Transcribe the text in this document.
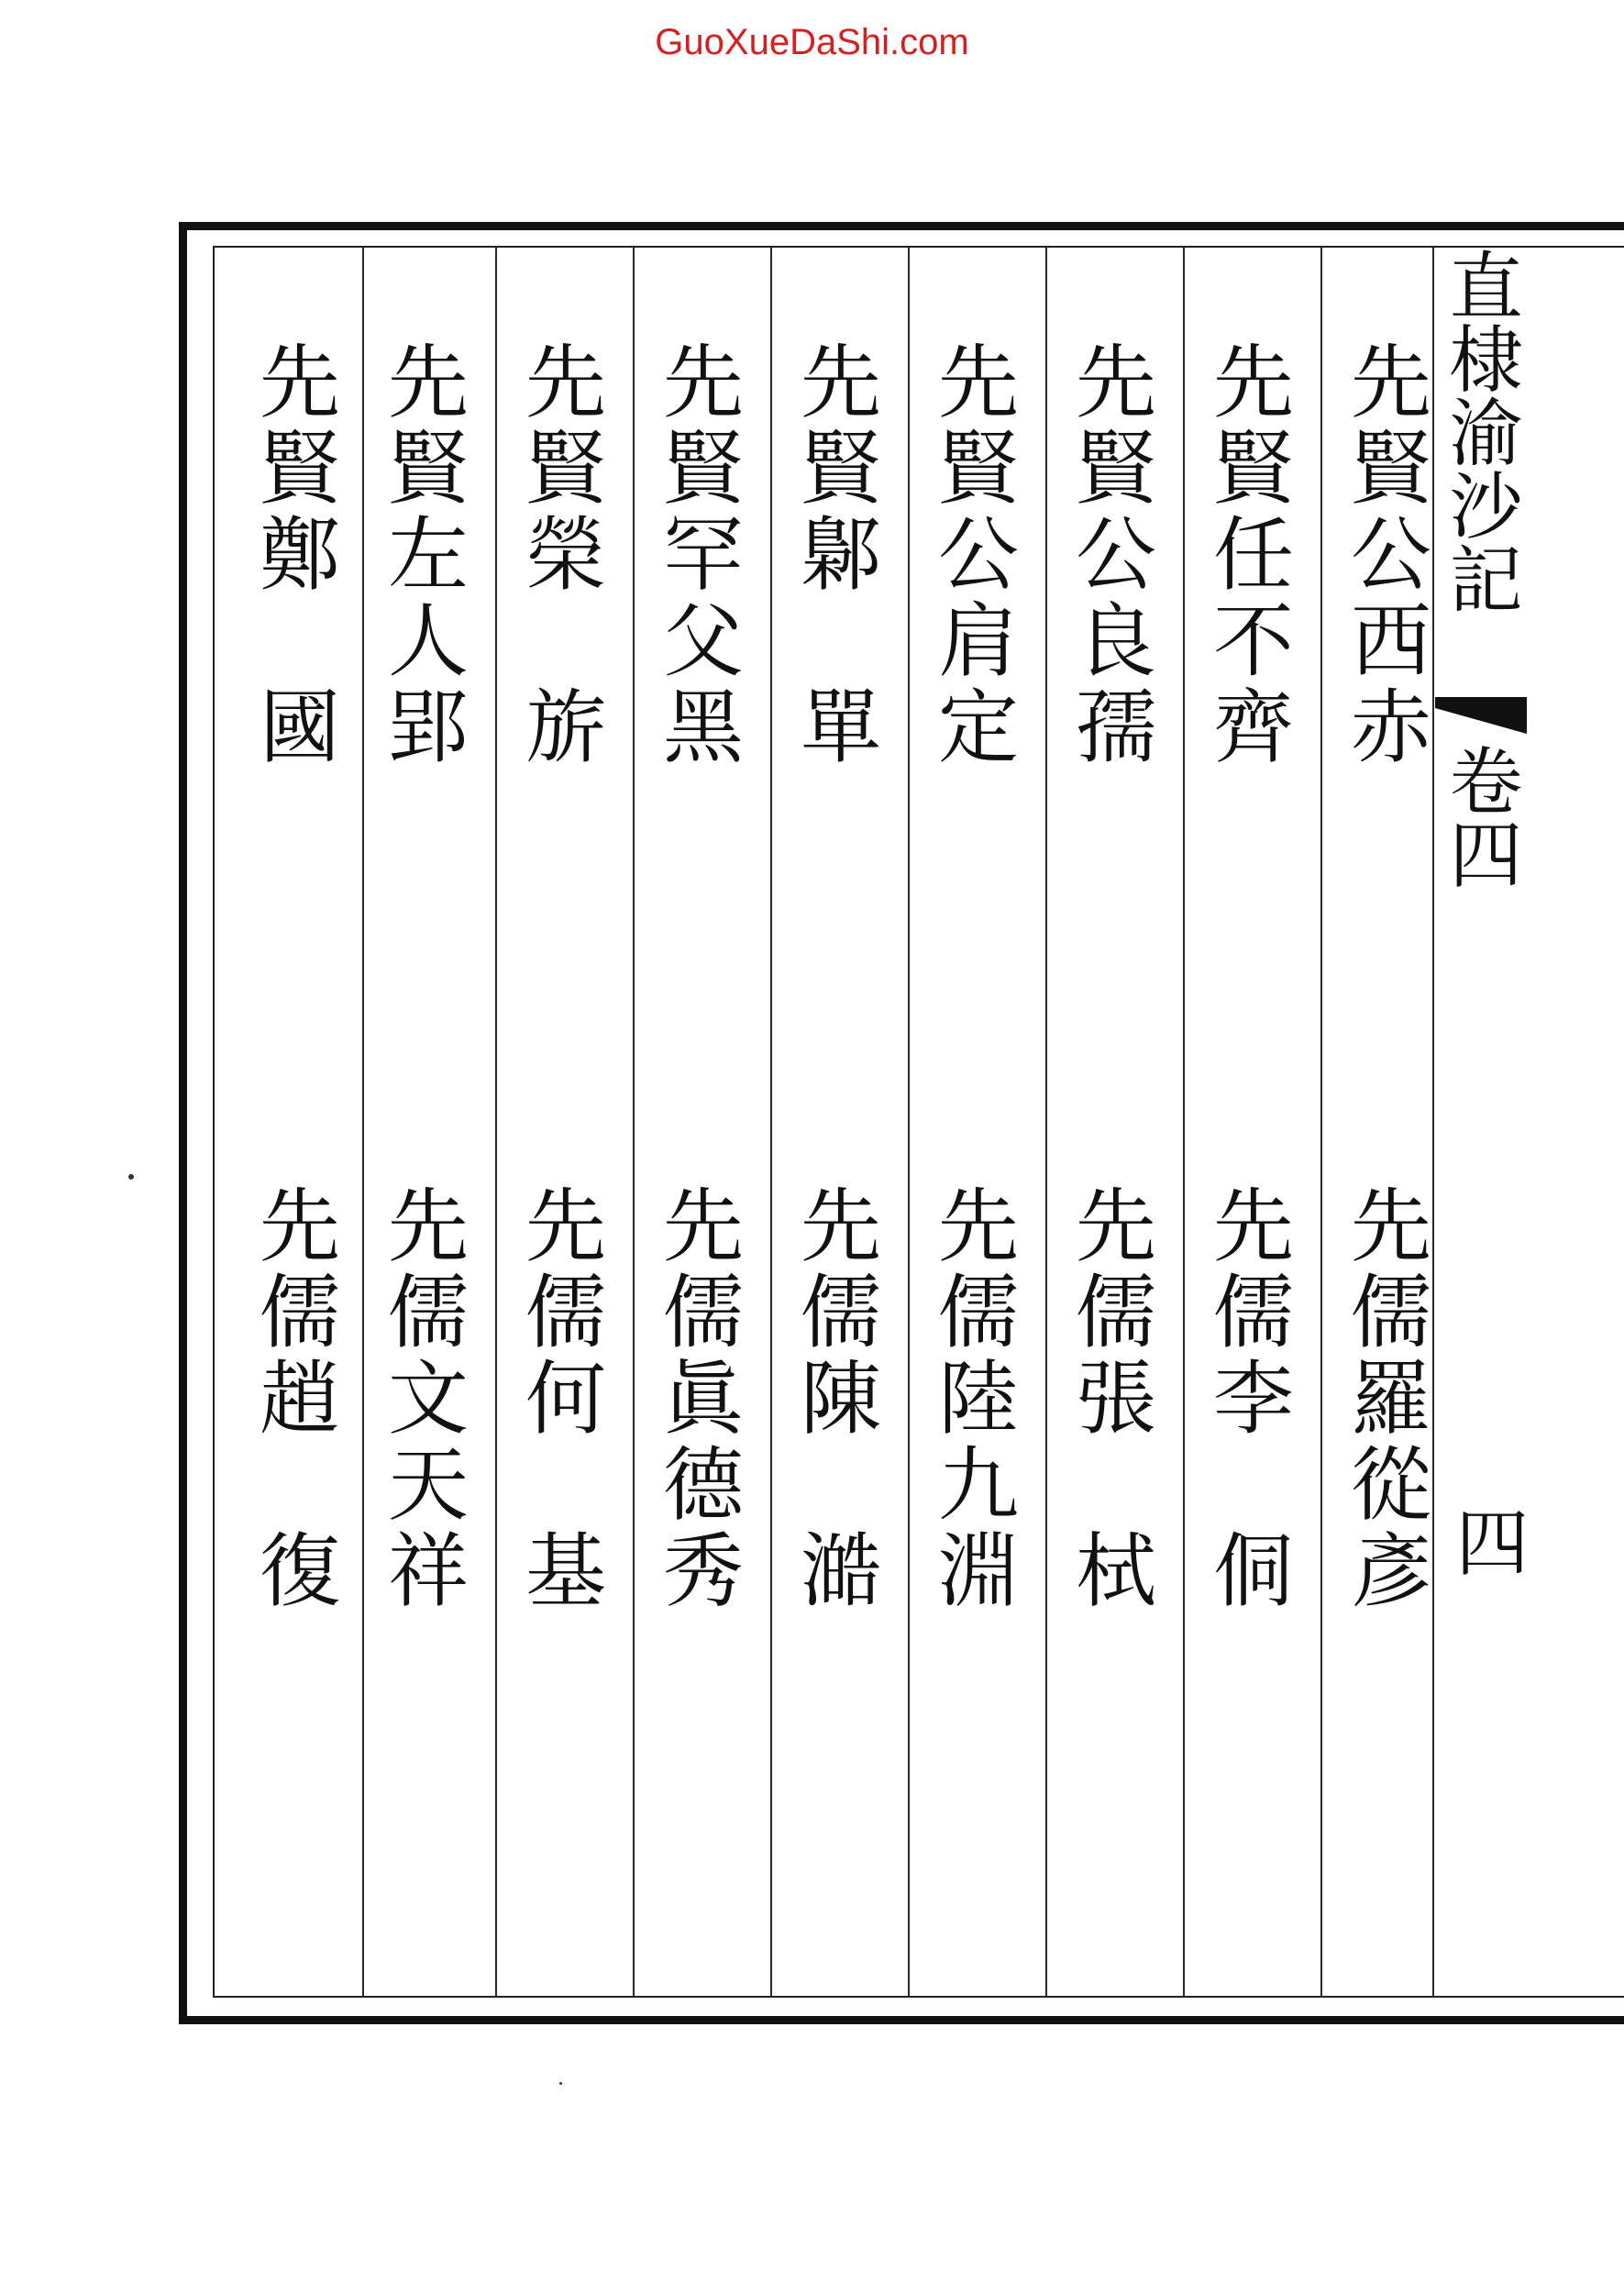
GuoXueDaShi.com
直棣渝沙記
卷四
四
先賢公西赤
先儒羅從彥
先賢任不齊
先儒李　侗
先賢公良孺
先儒張　栻
先賢公肩定
先儒陸九淵
先賢鄡　單
先儒陳　澔
先賢罕父黑
先儒眞德秀
先賢榮　旂
先儒何　基
先賢左人郢
先儒文天祥
先賢鄭　國
先儒趙　復
